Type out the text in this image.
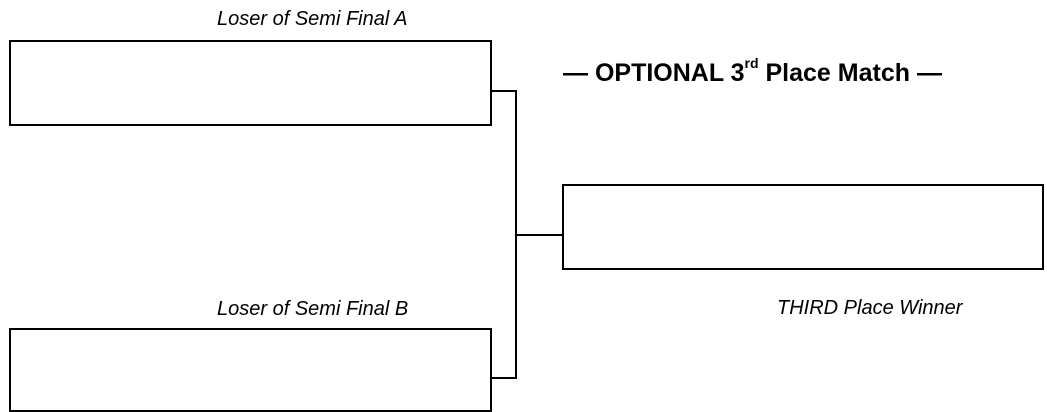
Loser of Semi Final A
Loser of Semi Final B	THIRD Place Winner
— OPTIONAL 3rd Place Match —
